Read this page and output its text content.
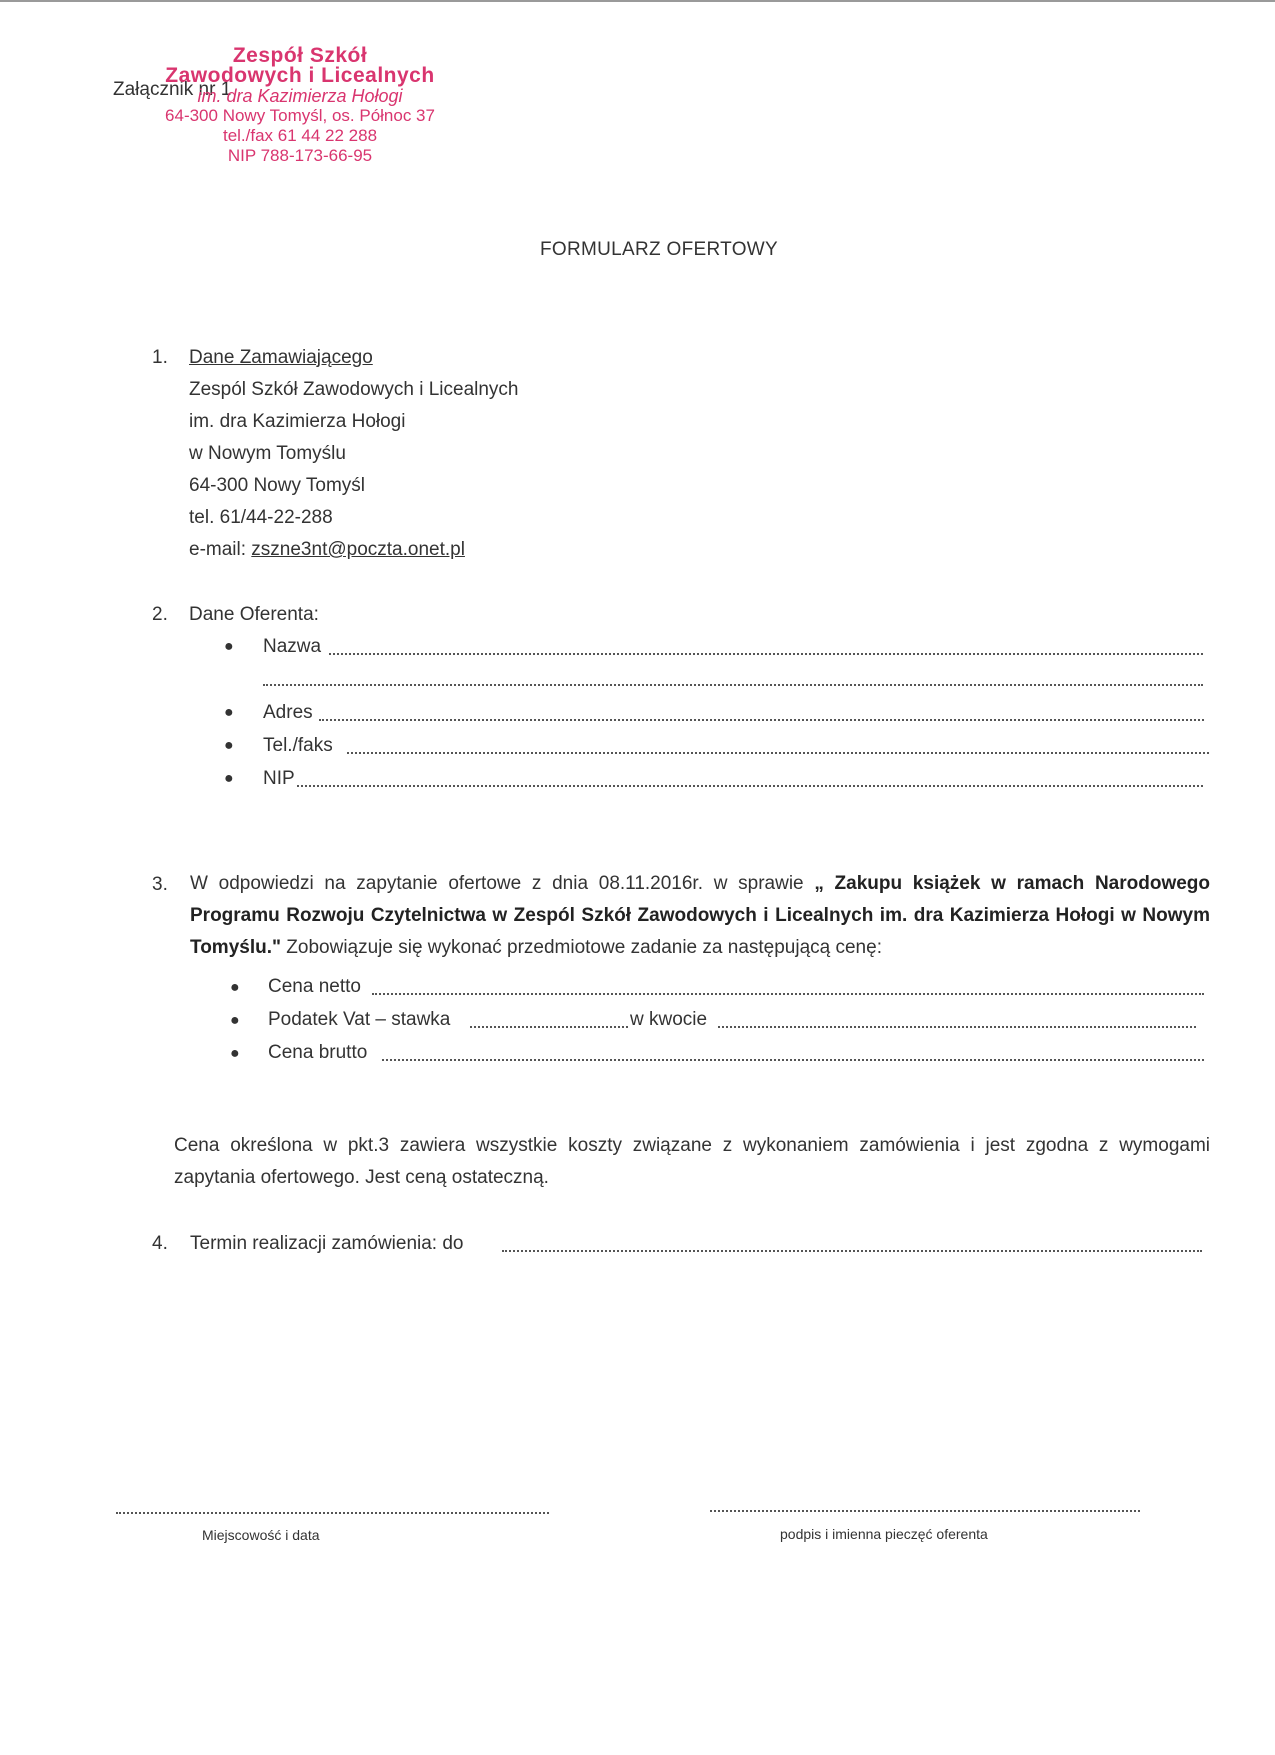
Załącznik nr 1
Zespół Szkół
Zawodowych i Licealnych
im. dra Kazimierza Hołogi
64-300 Nowy Tomyśl, os. Północ 37
tel./fax 61 44 22 288
NIP 788-173-66-95
FORMULARZ OFERTOWY
1. Dane Zamawiającego
Zespól Szkół Zawodowych i Licealnych
im. dra Kazimierza Hołogi
w Nowym Tomyślu
64-300 Nowy Tomyśl
tel. 61/44-22-288
e-mail: zszne3nt@poczta.onet.pl
2. Dane Oferenta:
● Nazwa
● Adres
● Tel./faks
● NIP
3. W odpowiedzi na zapytanie ofertowe z dnia 08.11.2016r. w sprawie „ Zakupu książek w ramach Narodowego Programu Rozwoju Czytelnictwa w Zespól Szkół Zawodowych i Licealnych im. dra Kazimierza Hołogi w Nowym Tomyślu." Zobowiązuje się wykonać przedmiotowe zadanie za następującą cenę:
● Cena netto
● Podatek Vat – stawka	w kwocie
● Cena brutto
Cena określona w pkt.3 zawiera wszystkie koszty związane z wykonaniem zamówienia i jest zgodna z wymogami zapytania ofertowego. Jest ceną ostateczną.
4. Termin realizacji zamówienia: do
Miejscowość i data	podpis i imienna pieczęć oferenta
